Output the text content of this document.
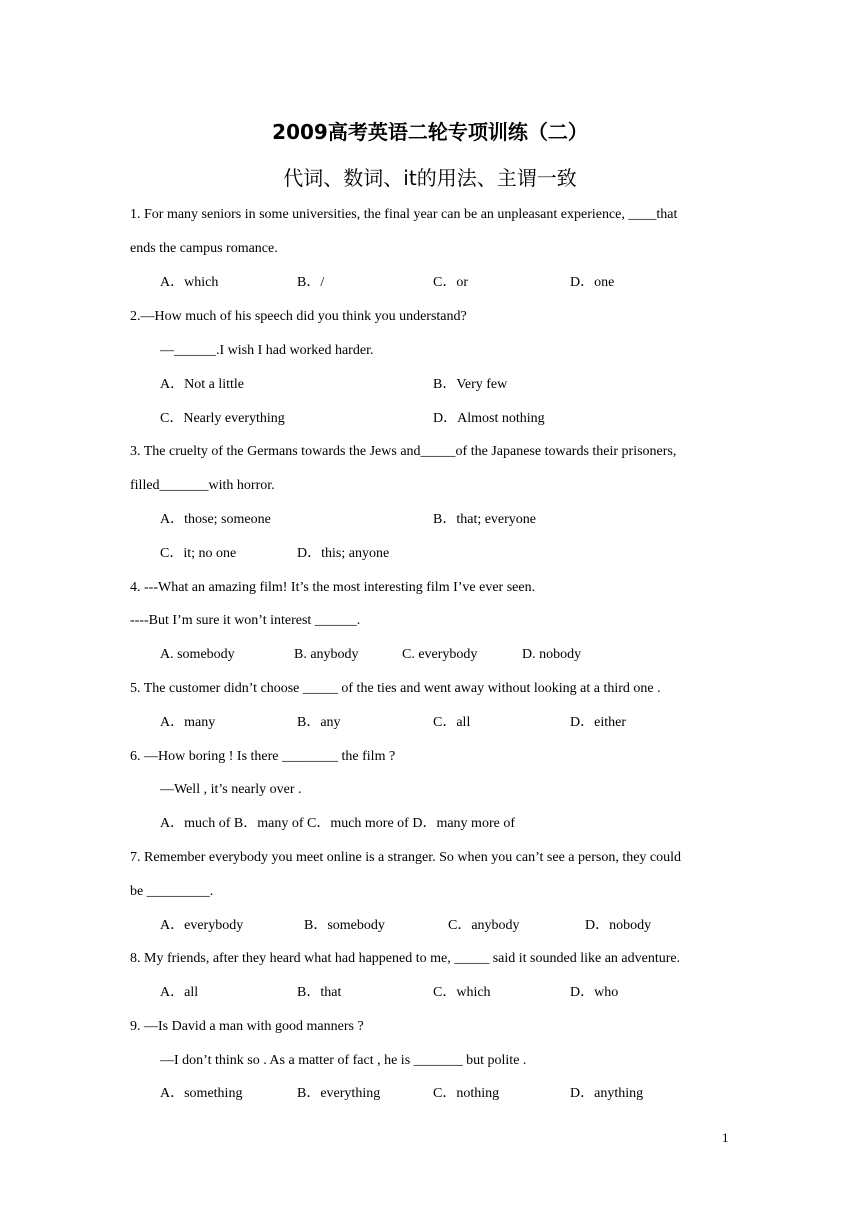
2009高考英语二轮专项训练（二）
代词、数词、it的用法、主谓一致
1. For many seniors in some universities, the final year can be an unpleasant experience, ____that
ends the campus romance.
A．which	B．/	C．or	D．one
2.—How much of his speech did you think you understand?
—______.I wish I had worked harder.
A．Not a little	B．Very few
C．Nearly everything	D．Almost nothing
3. The cruelty of the Germans towards the Jews and_____of the Japanese towards their prisoners,
filled_______with horror.
A．those; someone	B．that; everyone
C．it; no one	D．this; anyone
4. ---What an amazing film! It’s the most interesting film I’ve ever seen.
----But I’m sure it won’t interest ______.
A. somebody	B. anybody	C. everybody	D. nobody
5. The customer didn’t choose _____ of the ties and went away without looking at a third one .
A．many	B．any	C．all	D．either
6. —How boring ! Is there ________ the film ?
—Well , it’s nearly over .
A．much of B．many of C．much more of D．many more of
7. Remember everybody you meet online is a stranger. So when you can’t see a person, they could
be _________.
A．everybody	B．somebody	C．anybody	D．nobody
8. My friends, after they heard what had happened to me, _____ said it sounded like an adventure.
A．all	B．that	C．which	D．who
9. —Is David a man with good manners ?
—I don’t think so . As a matter of fact , he is _______ but polite .
A．something	B．everything	C．nothing	D．anything
1
